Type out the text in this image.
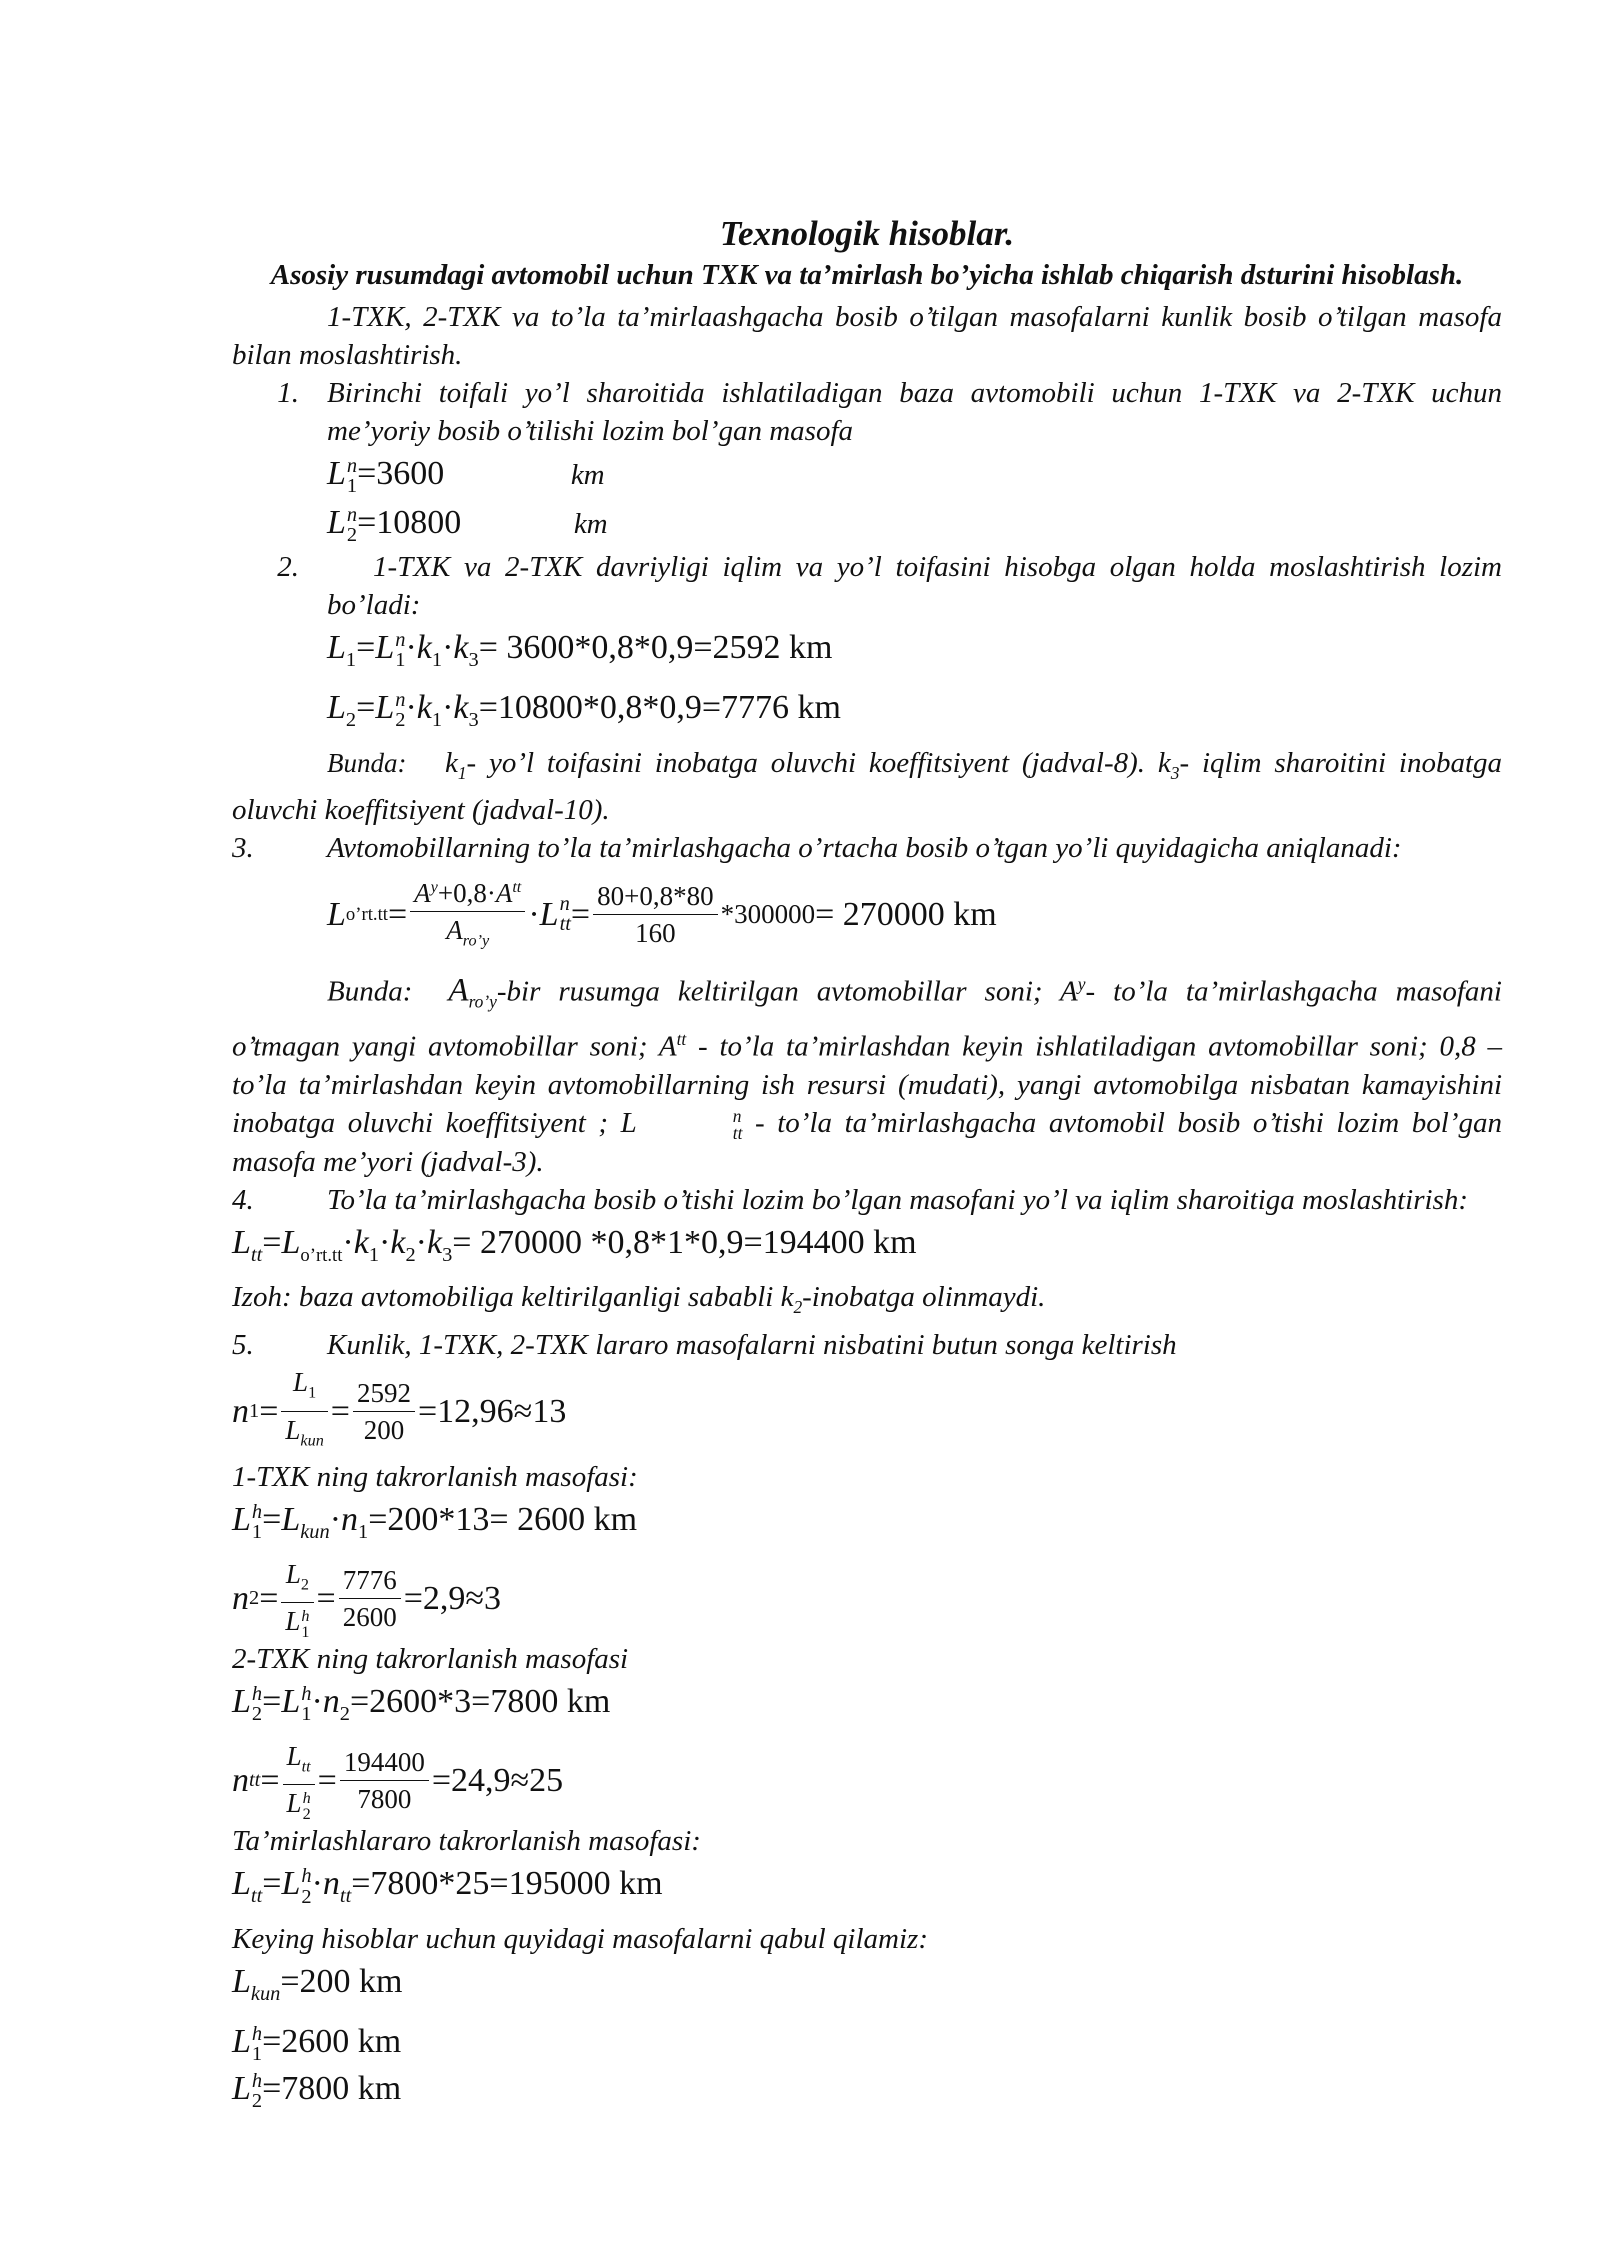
Texnologik hisoblar.

Asosiy rusumdagi avtomobil uchun TXK va ta’mirlash bo’yicha ishlab chiqarish dsturini hisoblash.

1-TXK, 2-TXK va to’la ta’mirlaashgacha bosib o’tilgan masofalarni kunlik bosib o’tilgan masofa bilan moslashtirish.

1. Birinchi toifali yo’l sharoitida ishlatiladigan baza avtomobili uchun 1-TXK va 2-TXK uchun me’yoriy bosib o’tilishi lozim bol’gan masofa
L n
1 =3600	km
L n
2 =10800	km
2.	1-TXK va 2-TXK davriyligi iqlim va yo’l toifasini hisobga olgan holda moslashtirish lozim bo’ladi:
$L_1=L$ n
$1 \cdot k_1\cdot k_3= 3600*0,8*0,9=2592$ km
$L_2=L$ n
$2 \cdot k_1\cdot k_3=10800*0,8*0,9=7776$ km

Bunda: $k_1-$ yo’l toifasini inobatga oluvchi koeffitsiyent (jadval-8). $k_3-$ iqlim sharoitini inobatga oluvchi koeffitsiyent (jadval-10).

3.	Avtomobillarning to’la ta’mirlashgacha o’rtacha bosib o’tgan yo’li quyidagicha aniqlanadi:
L o’rt.tt = $\frac{A^y+0,8\cdot A^{tt}}{A_{ro’y}} \cdot L$ n
tt = $\frac{80+0,8*80}{160} *300000 = 270000$ km

Bunda: $A_{ro’y}$-bir rusumga keltirilgan avtomobillar soni; $A^y-$ to’la ta’mirlashgacha masofani o’tmagan yangi avtomobillar soni; $A^{tt}$ - to’la ta’mirlashdan keyin ishlatiladigan avtomobillar soni; 0,8 – to’la ta’mirlashdan keyin avtomobillarning ish resursi (mudati), yangi avtomobilga nisbatan kamayishini inobatga oluvchi koeffitsiyent ; L	n
tt - to’la ta’mirlashgacha avtomobil bosib o’tishi lozim bol’gan masofa me’yori (jadval-3).

4.	To’la ta’mirlashgacha bosib o’tishi lozim bo’lgan masofani yo’l va iqlim sharoitiga moslashtirish:
$L_{tt}=L_{o’rt.tt}\cdot k_1\cdot k_2\cdot k_3= 270000$ *0,8*1*0,9=194400 km

Izoh: baza avtomobiliga keltirilganligi sababli $k_2$-inobatga olinmaydi.

5.	Kunlik, 1-TXK, 2-TXK lararo masofalarni nisbatini butun songa keltirish
n $1 = \frac{L_1}{L_{kun}} = \frac{2592}{200} =12,96\approx 13$

1-TXK ning takrorlanish masofasi:

L h
$1 =L_{kun}\cdot n_1=200*13= 2600$ km
n $2 = L_2$
L h
$1 = \frac{7776}{2600} =2,9\approx 3$

2-TXK ning takrorlanish masofasi

L h
2 =L h
$1 \cdot n_2=2600*3=7800$ km
n tt = $L_{tt}$
L h
$2 = \frac{194400}{7800} =24,9\approx 25$

Ta’mirlashlararo takrorlanish masofasi:

$L_{tt}=L$ h
$2 \cdot n_{tt}=7800*25=195000$ km

Keying hisoblar uchun quyidagi masofalarni qabul qilamiz:

$L_{kun}=200$ km
L h
1 =2600 km
L h
2 =7800 km
